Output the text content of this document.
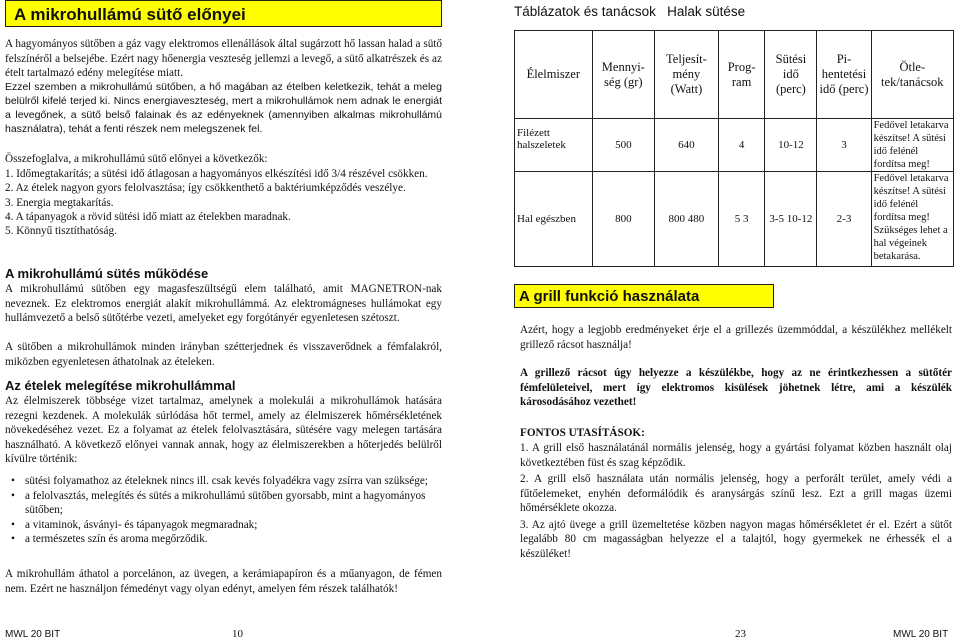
A mikrohullámú sütő előnyei
A hagyományos sütőben a gáz vagy elektromos ellenállások által sugárzott hő lassan halad a sütő felszínéről a belsejébe. Ezért nagy hőenergia veszteség jellemzi a levegő, a sütő alkatrészek és az ételt tartalmazó edény melegítése miatt.
Ezzel szemben a mikrohullámú sütőben, a hő magában az ételben keletkezik, tehát a meleg belülről kifelé terjed ki. Nincs energiaveszteség, mert a mikrohullámok nem adnak le energiát a levegőnek, a sütő belső falainak és az edényeknek (amennyiben alkalmas mikrohullámú használatra), tehát a fenti részek nem melegszenek fel.
Összefoglalva, a mikrohullámú sütő előnyei a következők:
1. Időmegtakarítás; a sütési idő átlagosan a hagyományos elkészítési idő 3/4 részével csökken.
2. Az ételek nagyon gyors felolvasztása; így csökkenthető a baktériumképződés veszélye.
3. Energia megtakarítás.
4. A tápanyagok a rövid sütési idő miatt az ételekben maradnak.
5. Könnyű tisztíthatóság.
A mikrohullámú sütés működése
A mikrohullámú sütőben egy magasfeszültségű elem található, amit MAGNETRON-nak neveznek. Ez elektromos energiát alakít mikrohullámmá. Az elektromágneses hullámokat egy hullámvezető a belső sütőtérbe vezeti, amelyeket egy forgótányér egyenletesen szétoszt.
A sütőben a mikrohullámok minden irányban szétterjednek és visszaverődnek a fémfalakról, miközben egyenletesen áthatolnak az ételeken.
Az ételek melegítése mikrohullámmal
Az élelmiszerek többsége vizet tartalmaz, amelynek a molekulái a mikrohullámok hatására rezegni kezdenek. A molekulák súrlódása hőt termel, amely az élelmiszerek hőmérsékletének növekedéséhez vezet. Ez a folyamat az ételek felolvasztására, sütésére vagy melegen tartására használható. A következő előnyei vannak annak, hogy az élelmiszerekben a hőterjedés belülről kívülre történik:
• sütési folyamathoz az ételeknek nincs ill. csak kevés folyadékra vagy zsírra van szüksége;
• a felolvasztás, melegítés és sütés a mikrohullámú sütőben gyorsabb, mint a hagyományos sütőben;
• a vitaminok, ásványi- és tápanyagok megmaradnak;
• a természetes szín és aroma megőrződik.
A mikrohullám áthatol a porcelánon, az üvegen, a kerámiapapíron és a műanyagon, de fémen nem. Ezért ne használjon fémedényt vagy olyan edényt, amelyen fém részek találhatók!
Táblázatok és tanácsok   Halak sütése
Élelmiszer	Mennyi-ség (gr)	Teljesít-mény (Watt)	Prog-ram	Sütési idő (perc)	Pi-hentetési idő (perc)	Ötle-tek/tanácsok
Filézett halszeletek	500	640	4	10-12	3	Fedővel letakarva készítse! A sütési idő felénél fordítsa meg!
Hal egészben	800	800 480	5 3	3-5 10-12	2-3	Fedővel letakarva készítse! A sütési idő felénél fordítsa meg! Szükséges lehet a hal végeinek betakarása.
A grill funkció használata
Azért, hogy a legjobb eredményeket érje el a grillezés üzemmóddal, a készülékhez mellékelt grillező rácsot használja!
A grillező rácsot úgy helyezze a készülékbe, hogy az ne érintkezhessen a sütőtér fémfelületeivel, mert így elektromos kisülések jöhetnek létre, ami a készülék károsodásához vezethet!
FONTOS UTASÍTÁSOK:
1. A grill első használatánál normális jelenség, hogy a gyártási folyamat közben használt olaj következtében füst és szag képződik.
2. A grill első használata után normális jelenség, hogy a perforált terület, amely védi a fűtőelemeket, enyhén deformálódik és aranysárgás színű lesz. Ezt a grill magas üzemi hőmérséklete okozza.
3. Az ajtó üvege a grill üzemeltetése közben nagyon magas hőmérsékletet ér el. Ezért a sütőt legalább 80 cm magasságban helyezze el a talajtól, hogy gyermekek ne érhessék el a készüléket!
MWL 20 BIT	10	23	MWL 20 BIT
